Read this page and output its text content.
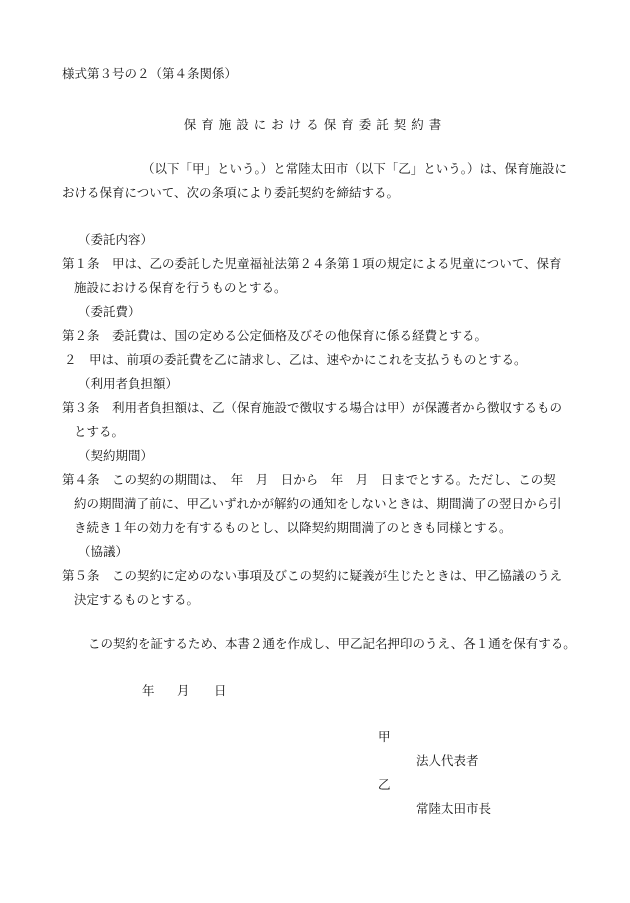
様式第３号の２（第４条関係）
保育施設における保育委託契約書
（以下「甲」という。）と常陸太田市（以下「乙」という。）は、保育施設に
おける保育について、次の条項により委託契約を締結する。
（委託内容）
第１条　甲は、乙の委託した児童福祉法第２４条第１項の規定による児童について、保育
施設における保育を行うものとする。
（委託費）
第２条　委託費は、国の定める公定価格及びその他保育に係る経費とする。
２　甲は、前項の委託費を乙に請求し、乙は、速やかにこれを支払うものとする。
（利用者負担額）
第３条　利用者負担額は、乙（保育施設で徴収する場合は甲）が保護者から徴収するもの
とする。
（契約期間）
第４条　この契約の期間は、　年　月　日から　年　月　日までとする。ただし、この契
約の期間満了前に、甲乙いずれかが解約の通知をしないときは、期間満了の翌日から引
き続き１年の効力を有するものとし、以降契約期間満了のときも同様とする。
（協議）
第５条　この契約に定めのない事項及びこの契約に疑義が生じたときは、甲乙協議のうえ
決定するものとする。
この契約を証するため、本書２通を作成し、甲乙記名押印のうえ、各１通を保有する。
年 月 日
甲
法人代表者
乙
常陸太田市長
